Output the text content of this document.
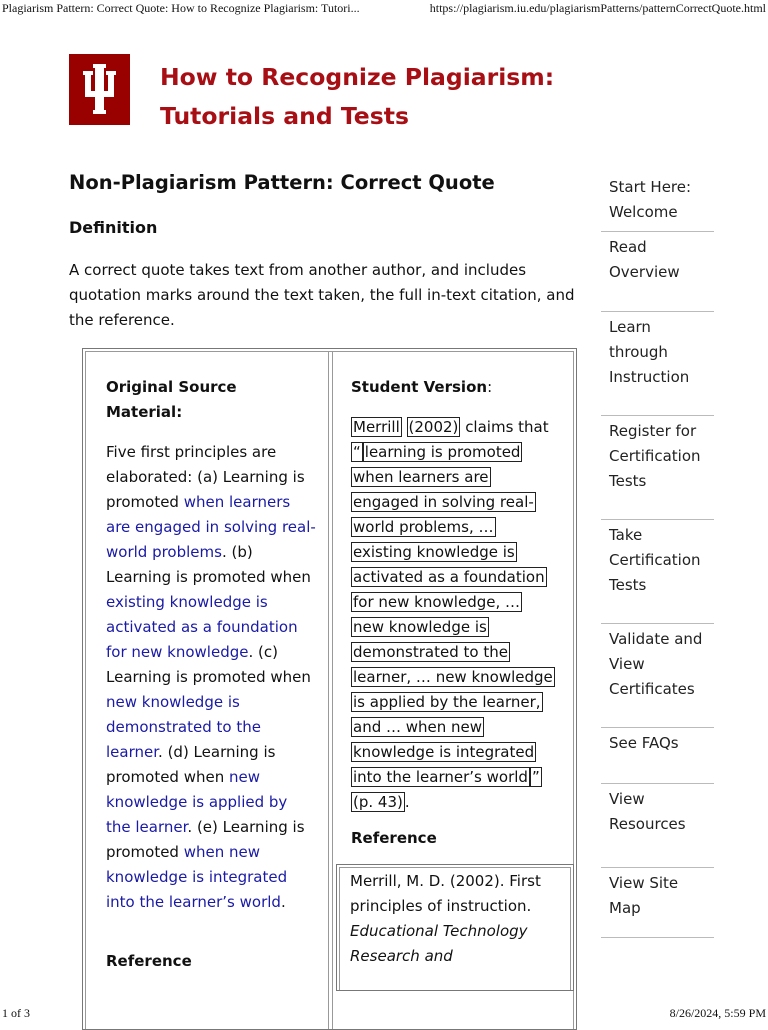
Plagiarism Pattern: Correct Quote: How to Recognize Plagiarism: Tutori...	https://plagiarism.iu.edu/plagiarismPatterns/patternCorrectQuote.html
How to Recognize Plagiarism:
Tutorials and Tests
Non-Plagiarism Pattern: Correct Quote
Definition

A correct quote takes text from another author, and includes quotation marks around the text taken, the full in-text citation, and the reference.

Original Source Material:
Five first principles are elaborated: (a) Learning is promoted when learners are engaged in solving real-world problems. (b) Learning is promoted when existing knowledge is activated as a foundation for new knowledge. (c) Learning is promoted when new knowledge is demonstrated to the learner. (d) Learning is promoted when new knowledge is applied by the learner. (e) Learning is promoted when new knowledge is integrated into the learner’s world.
Reference
Student Version:
Merrill (2002) claims that
“ learning is promoted
when learners are
engaged in solving real-
world problems, …
existing knowledge is
activated as a foundation
for new knowledge, …
new knowledge is
demonstrated to the
learner, … new knowledge
is applied by the learner,
and … when new
knowledge is integrated
into the learner’s world ”
(p. 43) .
Reference
Merrill, M. D. (2002). First principles of instruction. Educational Technology Research and
Start Here: Welcome
Read Overview
Learn through Instruction
Register for Certification Tests
Take Certification Tests
Validate and View Certificates
See FAQs
View Resources
View Site Map
1 of 3	8/26/2024, 5:59 PM
